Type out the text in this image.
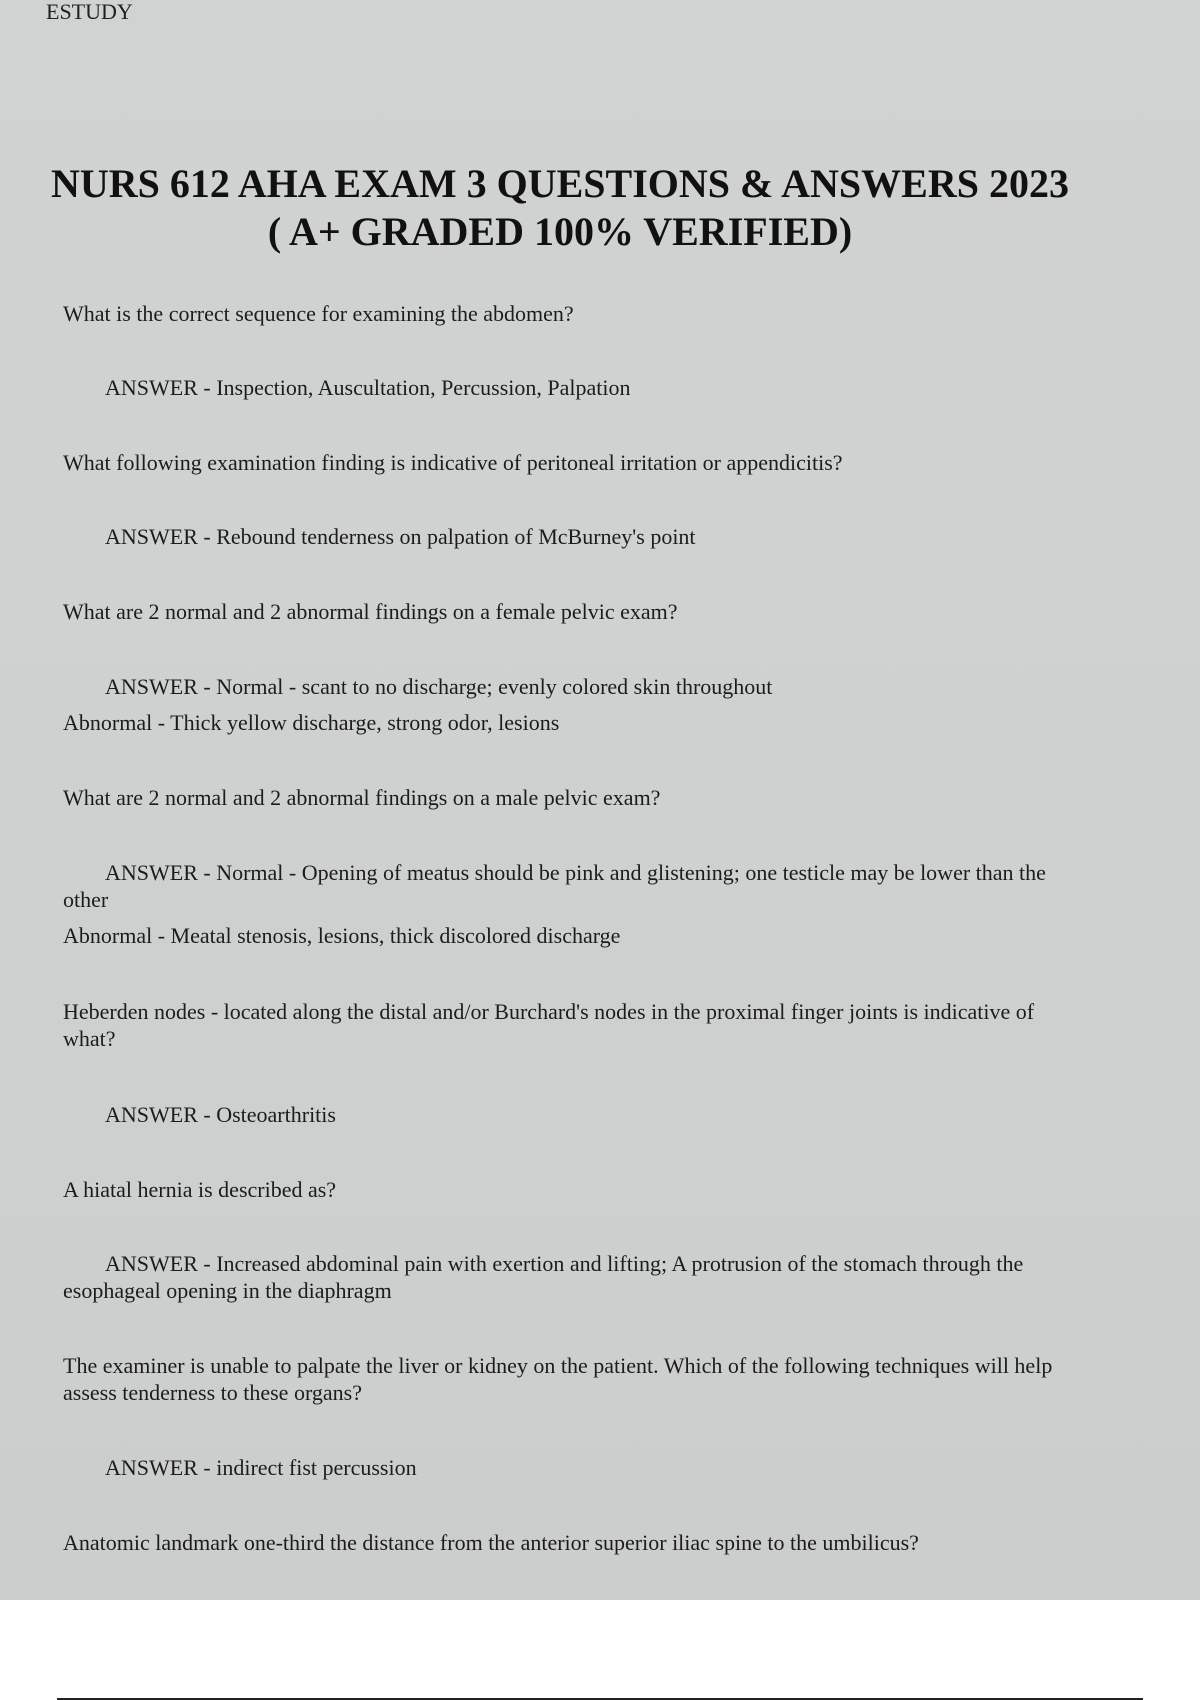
ESTUDY
NURS 612 AHA EXAM 3 QUESTIONS & ANSWERS 2023 ( A+ GRADED 100% VERIFIED)
What is the correct sequence for examining the abdomen?

ANSWER - Inspection, Auscultation, Percussion, Palpation

What following examination finding is indicative of peritoneal irritation or appendicitis?

ANSWER - Rebound tenderness on palpation of McBurney's point

What are 2 normal and 2 abnormal findings on a female pelvic exam?

ANSWER - Normal - scant to no discharge; evenly colored skin throughout

Abnormal - Thick yellow discharge, strong odor, lesions

What are 2 normal and 2 abnormal findings on a male pelvic exam?

ANSWER - Normal - Opening of meatus should be pink and glistening; one testicle may be lower than the other

Abnormal - Meatal stenosis, lesions, thick discolored discharge

Heberden nodes - located along the distal and/or Burchard's nodes in the proximal finger joints is indicative of what?

ANSWER - Osteoarthritis

A hiatal hernia is described as?

ANSWER - Increased abdominal pain with exertion and lifting; A protrusion of the stomach through the esophageal opening in the diaphragm

The examiner is unable to palpate the liver or kidney on the patient. Which of the following techniques will help assess tenderness to these organs?

ANSWER - indirect fist percussion

Anatomic landmark one-third the distance from the anterior superior iliac spine to the umbilicus?
